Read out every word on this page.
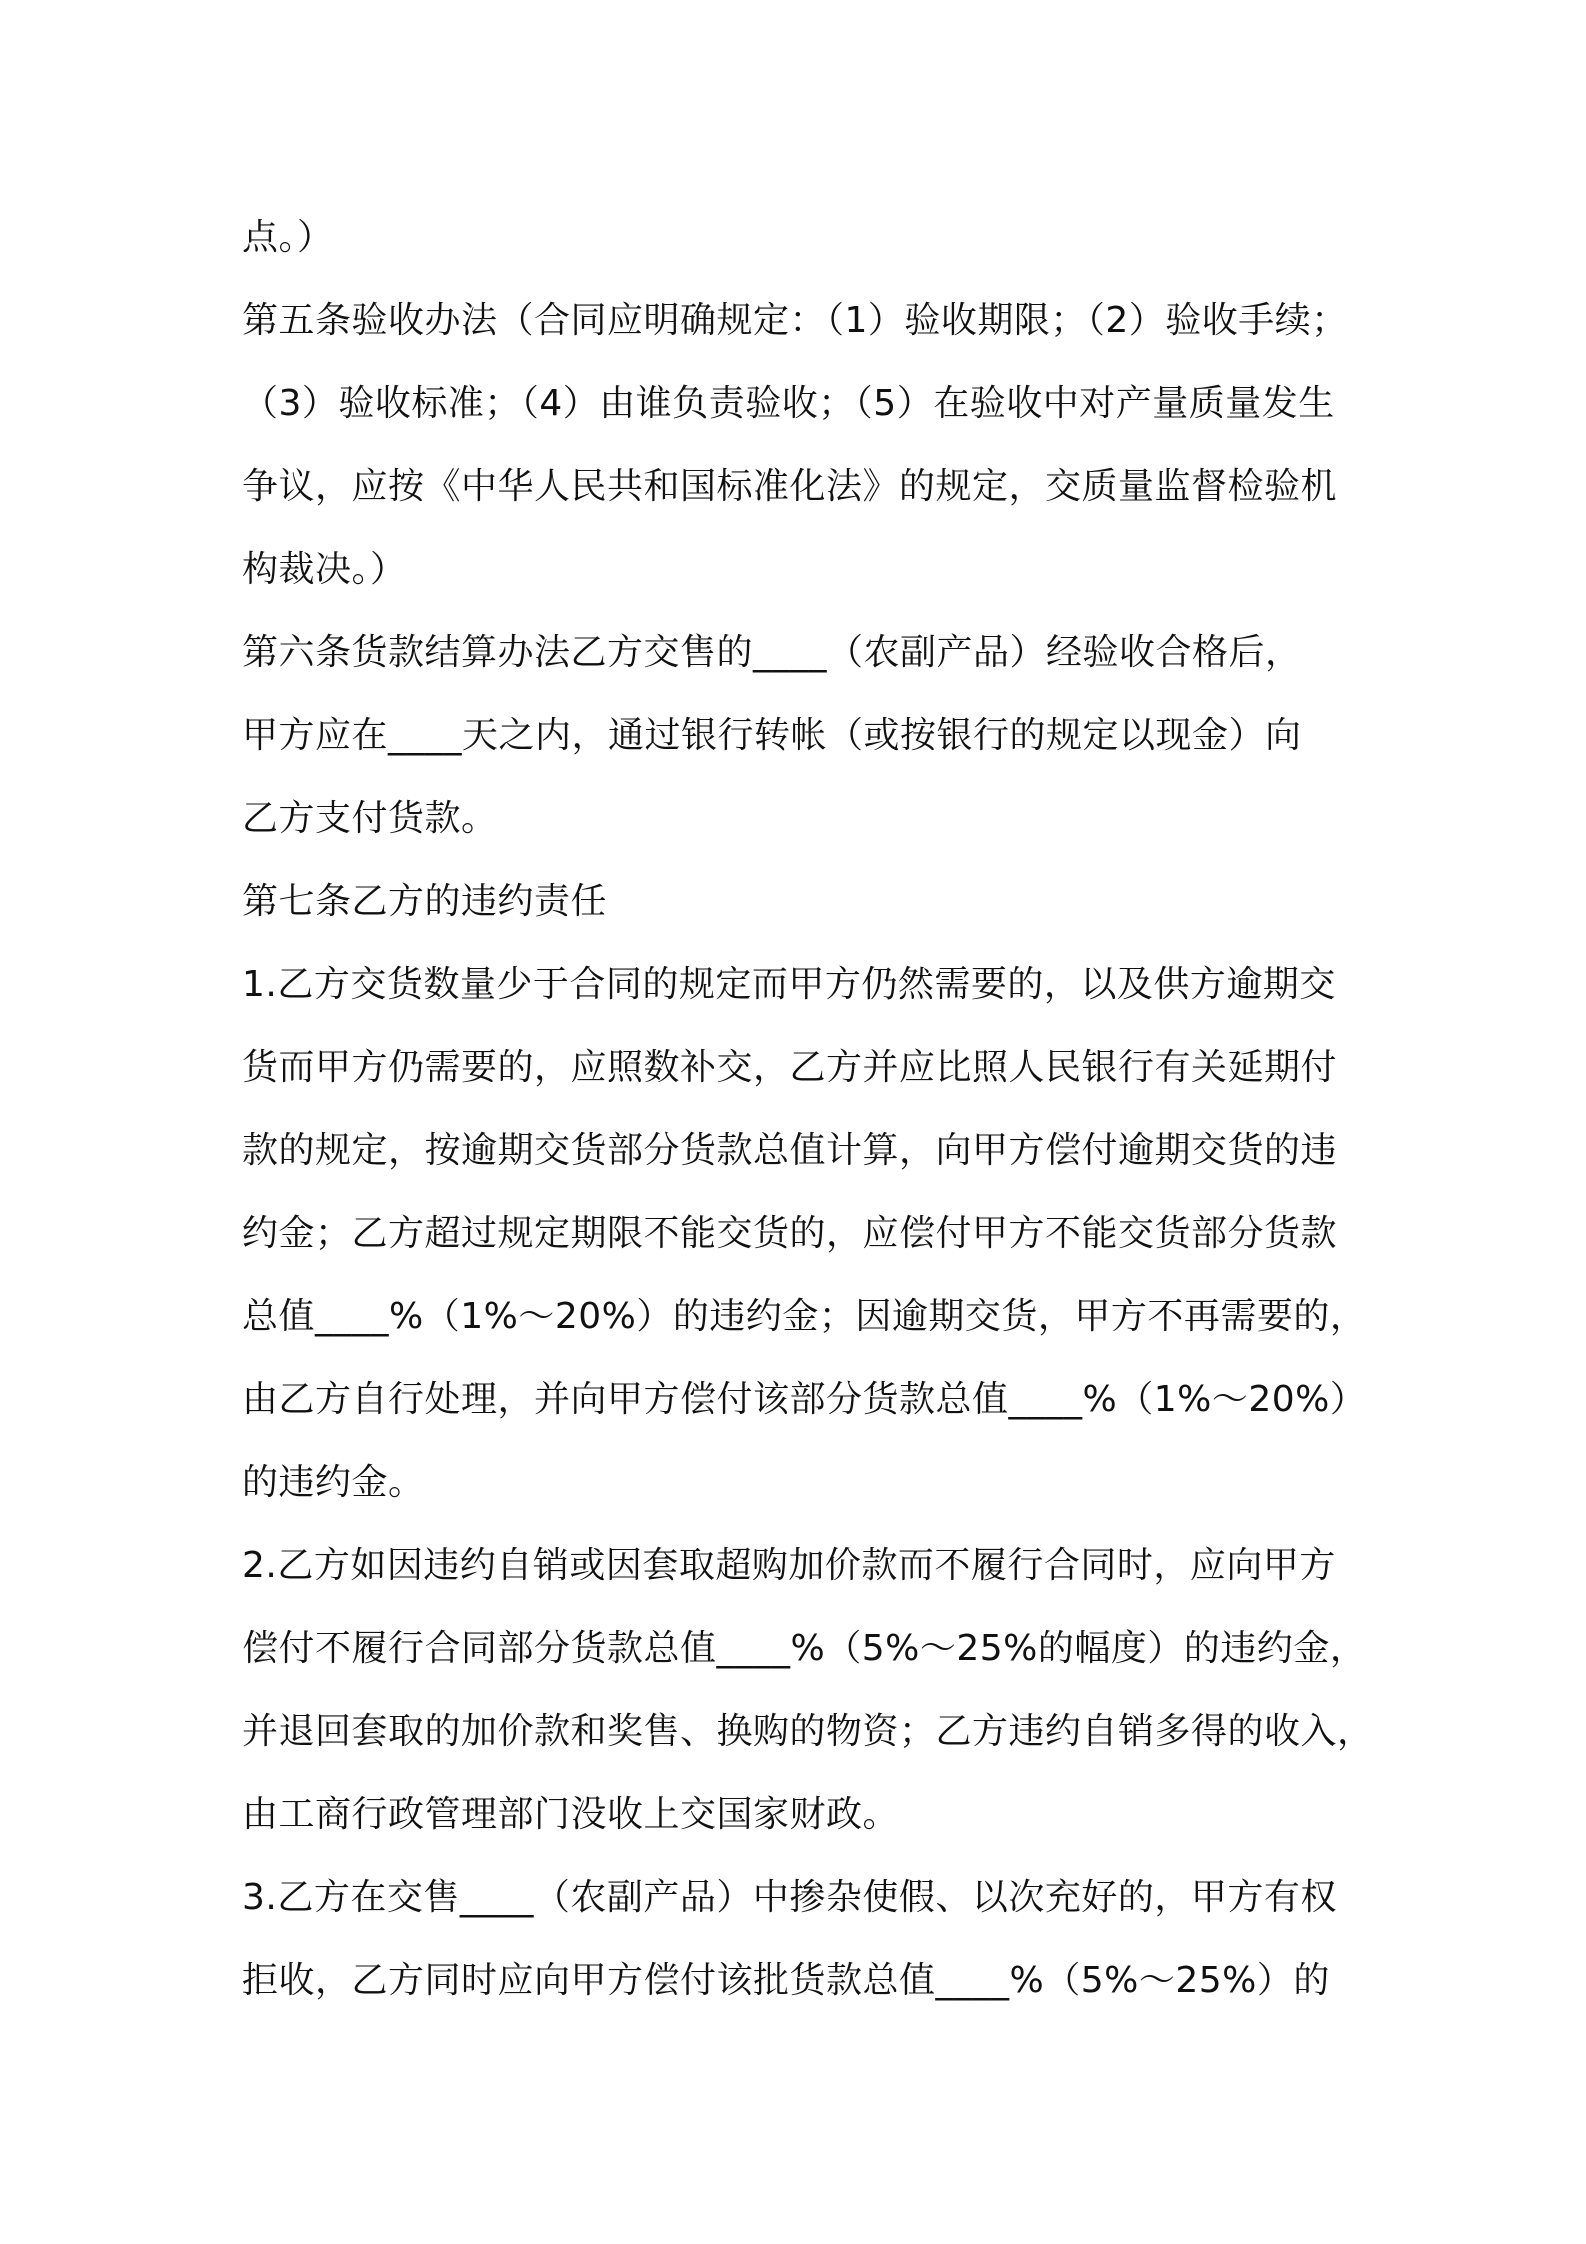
点。）
第五条验收办法（合同应明确规定：（1）验收期限；（2）验收手续；
（3）验收标准；（4）由谁负责验收；（5）在验收中对产量质量发生
争议，应按《中华人民共和国标准化法》的规定，交质量监督检验机
构裁决。）
第六条货款结算办法乙方交售的____（农副产品）经验收合格后，
甲方应在____天之内，通过银行转帐（或按银行的规定以现金）向
乙方支付货款。
第七条乙方的违约责任
1.乙方交货数量少于合同的规定而甲方仍然需要的，以及供方逾期交
货而甲方仍需要的，应照数补交，乙方并应比照人民银行有关延期付
款的规定，按逾期交货部分货款总值计算，向甲方偿付逾期交货的违
约金；乙方超过规定期限不能交货的，应偿付甲方不能交货部分货款
总值____%（1%～20%）的违约金；因逾期交货，甲方不再需要的，
由乙方自行处理，并向甲方偿付该部分货款总值____%（1%～20%）
的违约金。
2.乙方如因违约自销或因套取超购加价款而不履行合同时，应向甲方
偿付不履行合同部分货款总值____%（5%～25%的幅度）的违约金，
并退回套取的加价款和奖售、换购的物资；乙方违约自销多得的收入，
由工商行政管理部门没收上交国家财政。
3.乙方在交售____（农副产品）中掺杂使假、以次充好的，甲方有权
拒收，乙方同时应向甲方偿付该批货款总值____%（5%～25%）的
